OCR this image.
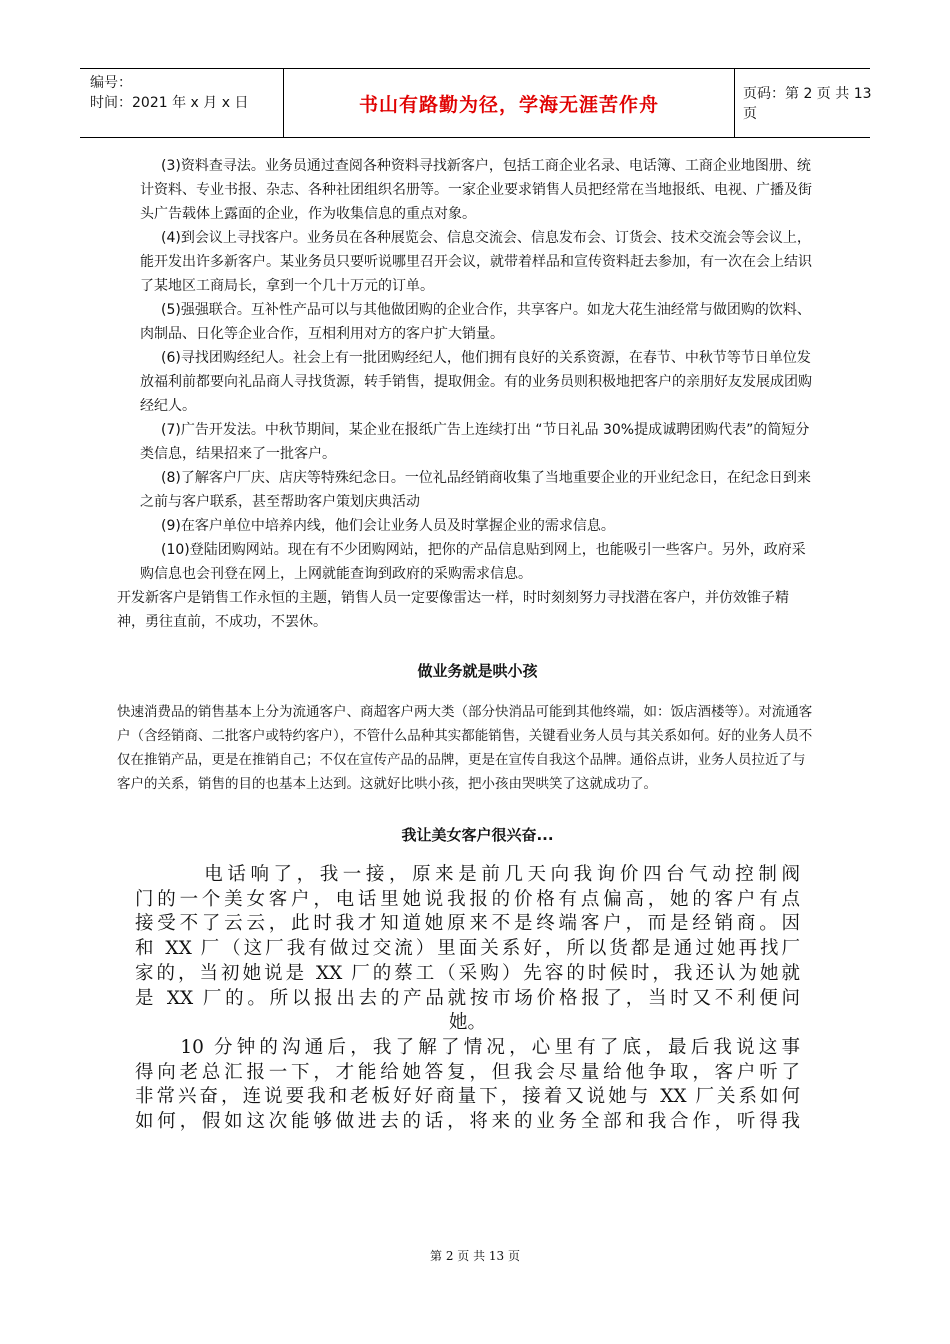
编号：
时间：2021 年 x 月 x 日	书山有路勤为径，学海无涯苦作舟	页码：第 2 页 共 13 页

(3)资料查寻法。业务员通过查阅各种资料寻找新客户，包括工商企业名录、电话簿、工商企业地图册、统计资料、专业书报、杂志、各种社团组织名册等。一家企业要求销售人员把经常在当地报纸、电视、广播及街头广告载体上露面的企业，作为收集信息的重点对象。

(4)到会议上寻找客户。业务员在各种展览会、信息交流会、信息发布会、订货会、技术交流会等会议上，能开发出许多新客户。某业务员只要听说哪里召开会议，就带着样品和宣传资料赶去参加，有一次在会上结识了某地区工商局长，拿到一个几十万元的订单。

(5)强强联合。互补性产品可以与其他做团购的企业合作，共享客户。如龙大花生油经常与做团购的饮料、肉制品、日化等企业合作，互相利用对方的客户扩大销量。

(6)寻找团购经纪人。社会上有一批团购经纪人，他们拥有良好的关系资源，在春节、中秋节等节日单位发放福利前都要向礼品商人寻找货源，转手销售，提取佣金。有的业务员则积极地把客户的亲朋好友发展成团购经纪人。

(7)广告开发法。中秋节期间，某企业在报纸广告上连续打出 “节日礼品 30%提成诚聘团购代表”的简短分类信息，结果招来了一批客户。

(8)了解客户厂庆、店庆等特殊纪念日。一位礼品经销商收集了当地重要企业的开业纪念日，在纪念日到来之前与客户联系，甚至帮助客户策划庆典活动

(9)在客户单位中培养内线，他们会让业务人员及时掌握企业的需求信息。

(10)登陆团购网站。现在有不少团购网站，把你的产品信息贴到网上，也能吸引一些客户。另外，政府采购信息也会刊登在网上，上网就能查询到政府的采购需求信息。

开发新客户是销售工作永恒的主题，销售人员一定要像雷达一样，时时刻刻努力寻找潜在客户，并仿效锥子精神，勇往直前，不成功，不罢休。

做业务就是哄小孩

快速消费品的销售基本上分为流通客户、商超客户两大类（部分快消品可能到其他终端，如：饭店酒楼等）。对流通客户（含经销商、二批客户或特约客户），不管什么品种其实都能销售，关键看业务人员与其关系如何。好的业务人员不仅在推销产品，更是在推销自己；不仅在宣传产品的品牌，更是在宣传自我这个品牌。通俗点讲，业务人员拉近了与客户的关系，销售的目的也基本上达到。这就好比哄小孩，把小孩由哭哄笑了这就成功了。

我让美女客户很兴奋...

　　　电话响了，我一接，原来是前几天向我询价四台气动控制阀
门的一个美女客户，电话里她说我报的价格有点偏高，她的客户有点
接受不了云云，此时我才知道她原来不是终端客户，而是经销商。因
和 XX 厂（这厂我有做过交流）里面关系好，所以货都是通过她再找厂
家的，当初她说是 XX 厂的蔡工（采购）先容的时候时，我还认为她就
是 XX 厂的。所以报出去的产品就按市场价格报了，当时又不利便问
她。
　　10 分钟的沟通后，我了解了情况，心里有了底，最后我说这事
得向老总汇报一下，才能给她答复，但我会尽量给他争取，客户听了
非常兴奋，连说要我和老板好好商量下，接着又说她与 XX 厂关系如何
如何，假如这次能够做进去的话，将来的业务全部和我合作，听得我
第 2 页 共 13 页
